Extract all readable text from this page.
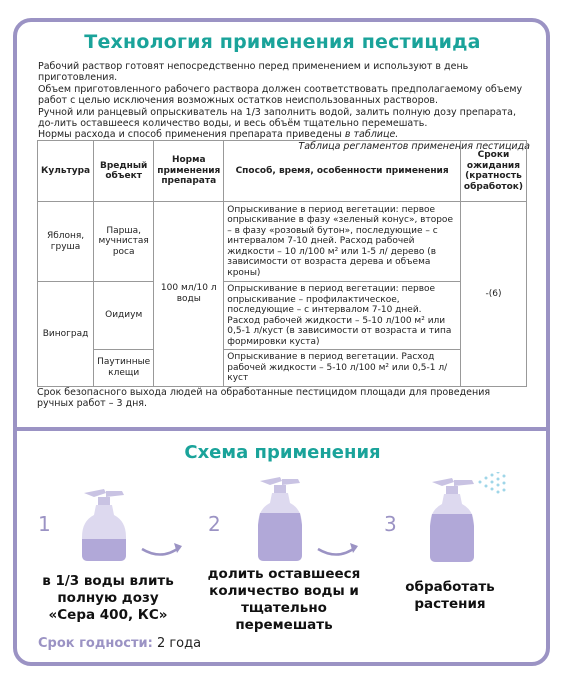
Технология применения пестицида

Рабочий раствор готовят непосредственно перед применением и используют в день приготовления.

Объем приготовленного рабочего раствора должен соответствовать предполагаемому объему работ с целью исключения возможных остатков неиспользованных растворов.

Ручной или ранцевый опрыскиватель на 1/3 заполнить водой, залить полную дозу препарата, до-лить оставшееся количество воды, и весь объём тщательно перемешать.

Нормы расхода и способ применения препарата приведены в таблице.

Таблица регламентов применения пестицида

Культура	Вредный объект	Норма применения препарата	Способ, время, особенности применения	Сроки ожидания (кратность обработок)
Яблоня, груша	Парша, мучнистая роса	100 мл/10 л воды	Опрыскивание в период вегетации: первое опрыскивание в фазу «зеленый конус», второе – в фазу «розовый бутон», последующие – с интервалом 7-10 дней. Расход рабочей жидкости – 10 л/100 м² или 1-5 л/ дерево (в зависимости от возраста дерева и объема кроны)	-(6)
Виноград	Оидиум		Опрыскивание в период вегетации: первое опрыскивание – профилактическое, последующие – с интервалом 7-10 дней. Расход рабочей жидкости – 5-10 л/100 м² или 0,5-1 л/куст (в зависимости от возраста и типа формировки куста)	
	Паутинные клещи		Опрыскивание в период вегетации. Расход рабочей жидкости – 5-10 л/100 м² или 0,5-1 л/куст	
Срок безопасного выхода людей на обработанные пестицидом площади для проведения ручных работ – 3 дня.
Схема применения
1
в 1/3 воды влить полную дозу «Сера 400, КС»
2
долить оставшееся количество воды и тщательно перемешать
3
обработать растения
Срок годности: 2 года
